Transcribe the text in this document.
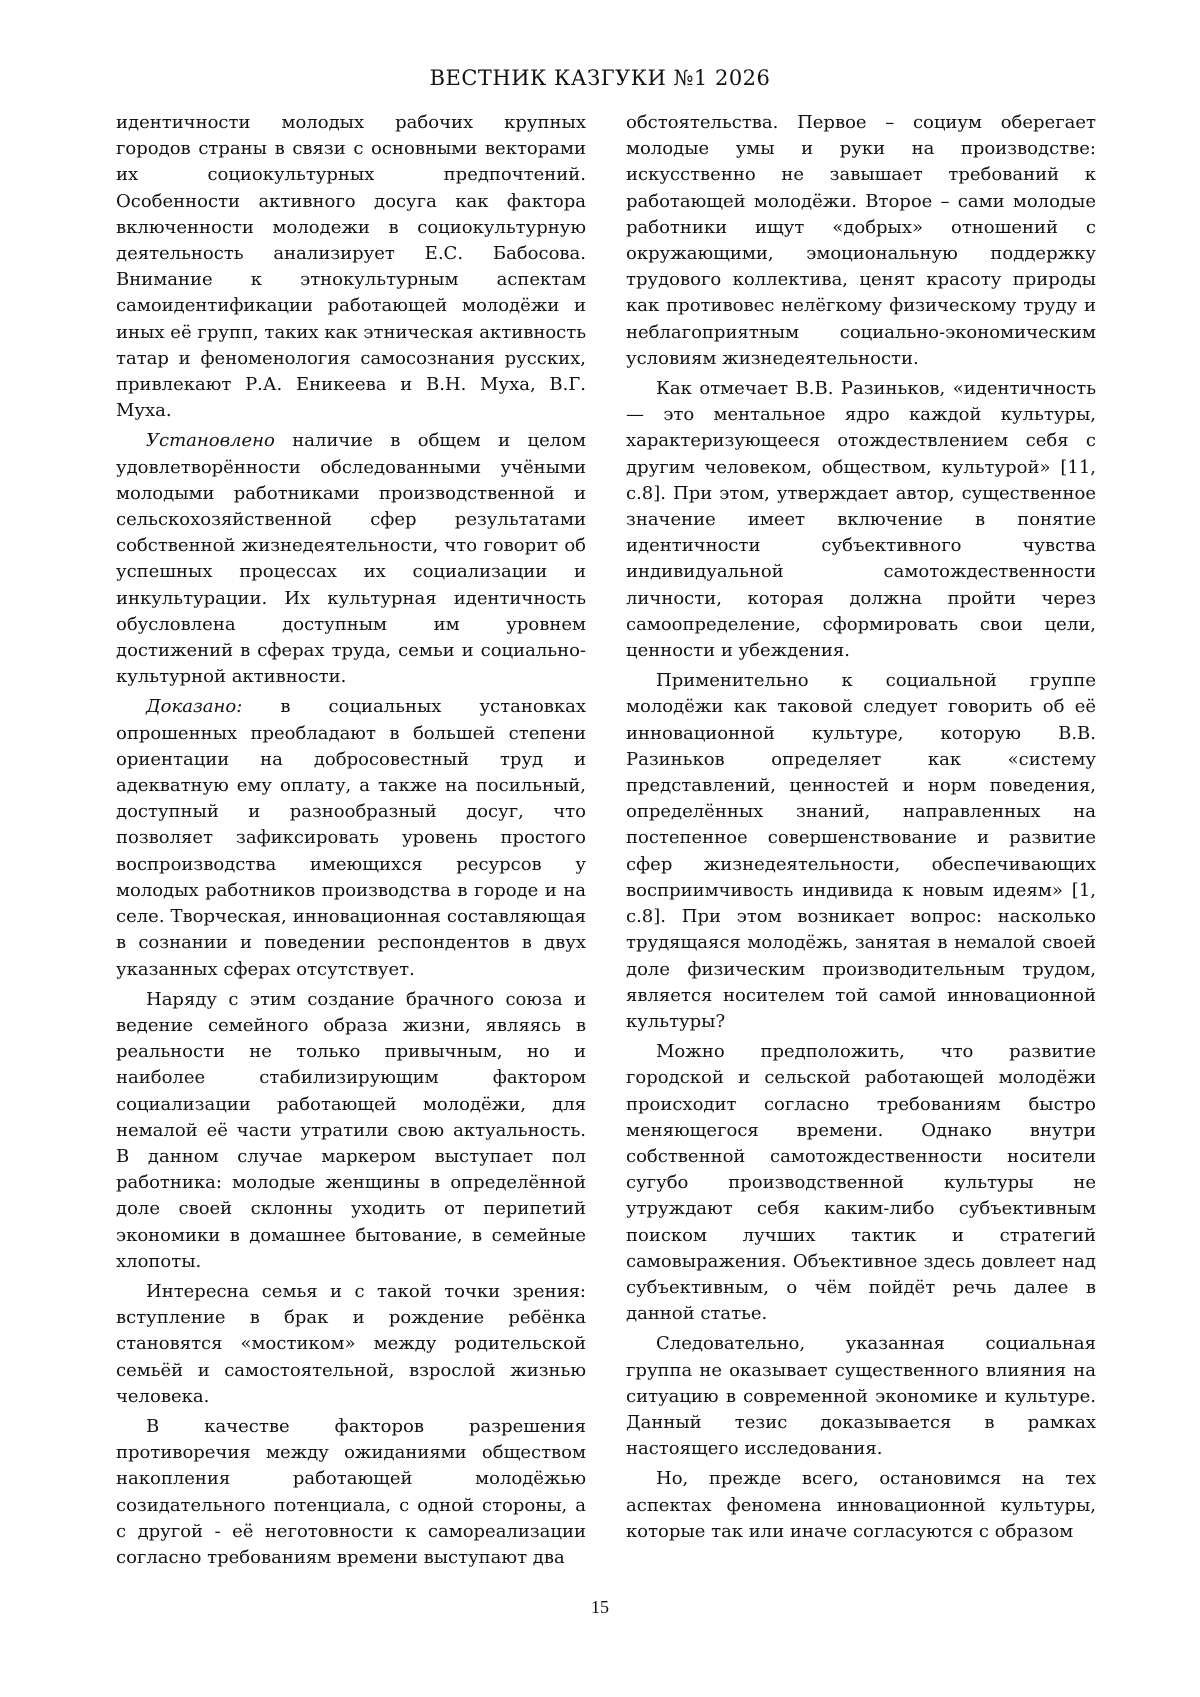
ВЕСТНИК КАЗГУКИ №1 2026

идентичности молодых рабочих крупных городов страны в связи с основными векторами их социокультурных предпочтений. Особенности активного досуга как фактора включенности молодежи в социокультурную деятельность анализирует Е.С. Бабосова. Внимание к этнокультурным аспектам самоидентификации работающей молодёжи и иных её групп, таких как этническая активность татар и феноменология самосознания русских, привлекают Р.А. Еникеева и В.Н. Муха, В.Г. Муха.

Установлено наличие в общем и целом удовлетворённости обследованными учёными молодыми работниками производственной и сельскохозяйственной сфер результатами собственной жизнедеятельности, что говорит об успешных процессах их социализации и инкультурации. Их культурная идентичность обусловлена доступным им уровнем достижений в сферах труда, семьи и социально-культурной активности.

Доказано: в социальных установках опрошенных преобладают в большей степени ориентации на добросовестный труд и адекватную ему оплату, а также на посильный, доступный и разнообразный досуг, что позволяет зафиксировать уровень простого воспроизводства имеющихся ресурсов у молодых работников производства в городе и на селе. Творческая, инновационная составляющая в сознании и поведении респондентов в двух указанных сферах отсутствует.

Наряду с этим создание брачного союза и ведение семейного образа жизни, являясь в реальности не только привычным, но и наиболее стабилизирующим фактором социализации работающей молодёжи, для немалой её части утратили свою актуальность. В данном случае маркером выступает пол работника: молодые женщины в определённой доле своей склонны уходить от перипетий экономики в домашнее бытование, в семейные хлопоты.

Интересна семья и с такой точки зрения: вступление в брак и рождение ребёнка становятся «мостиком» между родительской семьёй и самостоятельной, взрослой жизнью человека.

В качестве факторов разрешения противоречия между ожиданиями обществом накопления работающей молодёжью созидательного потенциала, с одной стороны, а с другой - её неготовности к самореализации согласно требованиям времени выступают два

обстоятельства. Первое – социум оберегает молодые умы и руки на производстве: искусственно не завышает требований к работающей молодёжи. Второе – сами молодые работники ищут «добрых» отношений с окружающими, эмоциональную поддержку трудового коллектива, ценят красоту природы как противовес нелёгкому физическому труду и неблагоприятным социально-экономическим условиям жизнедеятельности.

Как отмечает В.В. Разиньков, «идентичность — это ментальное ядро каждой культуры, характеризующееся отождествлением себя с другим человеком, обществом, культурой» [11, с.8]. При этом, утверждает автор, существенное значение имеет включение в понятие идентичности субъективного чувства индивидуальной самотождественности личности, которая должна пройти через самоопределение, сформировать свои цели, ценности и убеждения.

Применительно к социальной группе молодёжи как таковой следует говорить об её инновационной культуре, которую В.В. Разиньков определяет как «систему представлений, ценностей и норм поведения, определённых знаний, направленных на постепенное совершенствование и развитие сфер жизнедеятельности, обеспечивающих восприимчивость индивида к новым идеям» [1, с.8]. При этом возникает вопрос: насколько трудящаяся молодёжь, занятая в немалой своей доле физическим производительным трудом, является носителем той самой инновационной культуры?

Можно предположить, что развитие городской и сельской работающей молодёжи происходит согласно требованиям быстро меняющегося времени. Однако внутри собственной самотождественности носители сугубо производственной культуры не утруждают себя каким-либо субъективным поиском лучших тактик и стратегий самовыражения. Объективное здесь довлеет над субъективным, о чём пойдёт речь далее в данной статье.

Следовательно, указанная социальная группа не оказывает существенного влияния на ситуацию в современной экономике и культуре. Данный тезис доказывается в рамках настоящего исследования.

Но, прежде всего, остановимся на тех аспектах феномена инновационной культуры, которые так или иначе согласуются с образом

15
